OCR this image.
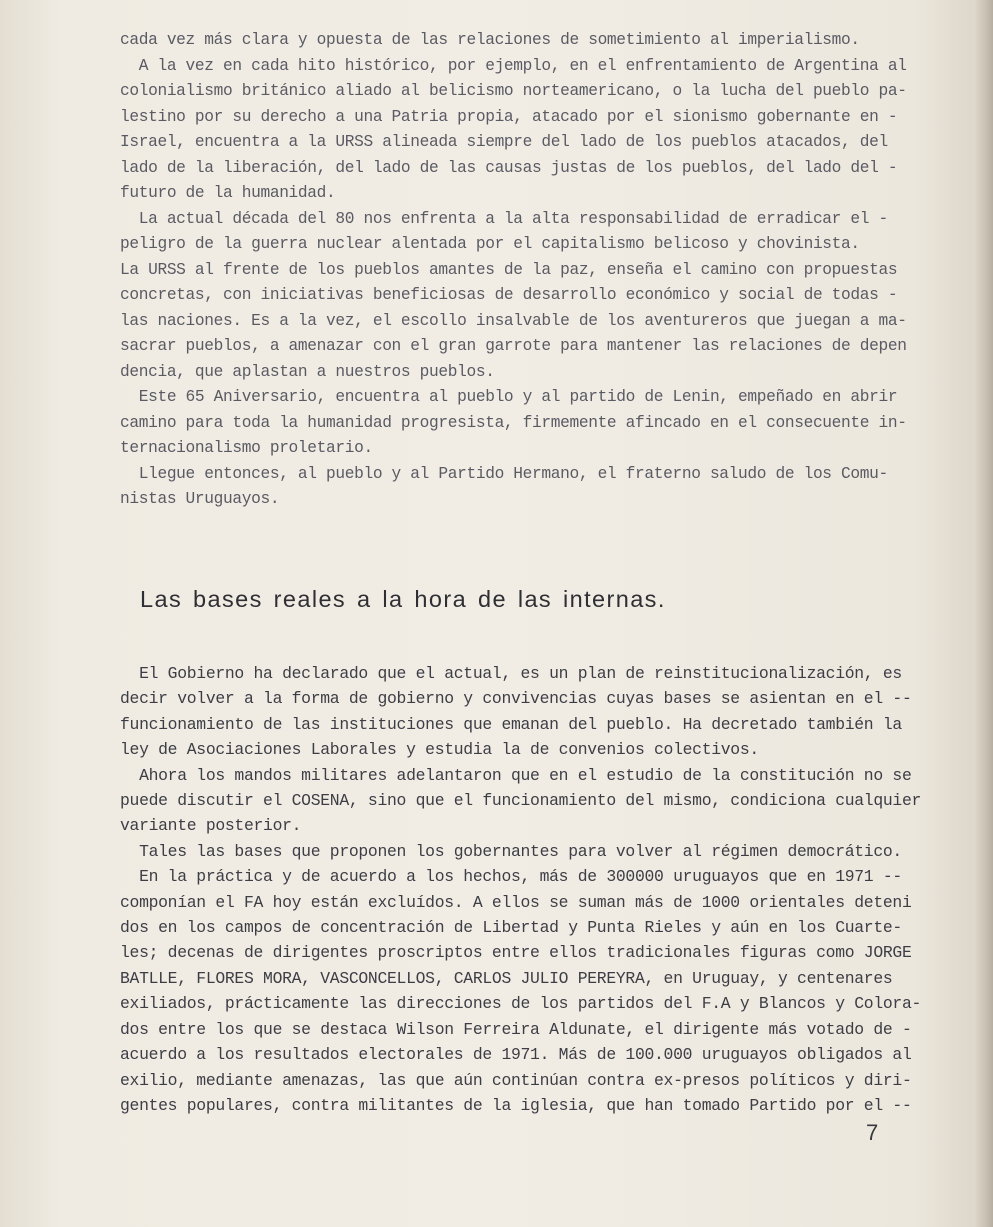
cada vez más clara y opuesta de las relaciones de sometimiento al imperialismo.
A la vez en cada hito histórico, por ejemplo, en el enfrentamiento de Argentina al
colonialismo británico aliado al belicismo norteamericano, o la lucha del pueblo pa-
lestino por su derecho a una Patria propia, atacado por el sionismo gobernante en -
Israel, encuentra a la URSS alineada siempre del lado de los pueblos atacados, del
lado de la liberación, del lado de las causas justas de los pueblos, del lado del -
futuro de la humanidad.
La actual década del 80 nos enfrenta a la alta responsabilidad de erradicar el -
peligro de la guerra nuclear alentada por el capitalismo belicoso y chovinista.
La URSS al frente de los pueblos amantes de la paz, enseña el camino con propuestas
concretas, con iniciativas beneficiosas de desarrollo económico y social de todas -
las naciones. Es a la vez, el escollo insalvable de los aventureros que juegan a ma-
sacrar pueblos, a amenazar con el gran garrote para mantener las relaciones de depen
dencia, que aplastan a nuestros pueblos.
Este 65 Aniversario, encuentra al pueblo y al partido de Lenin, empeñado en abrir
camino para toda la humanidad progresista, firmemente afincado en el consecuente in-
ternacionalismo proletario.
Llegue entonces, al pueblo y al Partido Hermano, el fraterno saludo de los Comu-
nistas Uruguayos.
Las bases reales a la hora de las internas.
El Gobierno ha declarado que el actual, es un plan de reinstitucionalización, es
decir volver a la forma de gobierno y convivencias cuyas bases se asientan en el --
funcionamiento de las instituciones que emanan del pueblo. Ha decretado también la
ley de Asociaciones Laborales y estudia la de convenios colectivos.
Ahora los mandos militares adelantaron que en el estudio de la constitución no se
puede discutir el COSENA, sino que el funcionamiento del mismo, condiciona cualquier
variante posterior.
Tales las bases que proponen los gobernantes para volver al régimen democrático.
En la práctica y de acuerdo a los hechos, más de 300000 uruguayos que en 1971 --
componían el FA hoy están excluídos. A ellos se suman más de 1000 orientales deteni
dos en los campos de concentración de Libertad y Punta Rieles y aún en los Cuarte-
les; decenas de dirigentes proscriptos entre ellos tradicionales figuras como JORGE
BATLLE, FLORES MORA, VASCONCELLOS, CARLOS JULIO PEREYRA, en Uruguay, y centenares
exiliados, prácticamente las direcciones de los partidos del F.A y Blancos y Colora-
dos entre los que se destaca Wilson Ferreira Aldunate, el dirigente más votado de -
acuerdo a los resultados electorales de 1971. Más de 100.000 uruguayos obligados al
exilio, mediante amenazas, las que aún continúan contra ex-presos políticos y diri-
gentes populares, contra militantes de la iglesia, que han tomado Partido por el --
7
